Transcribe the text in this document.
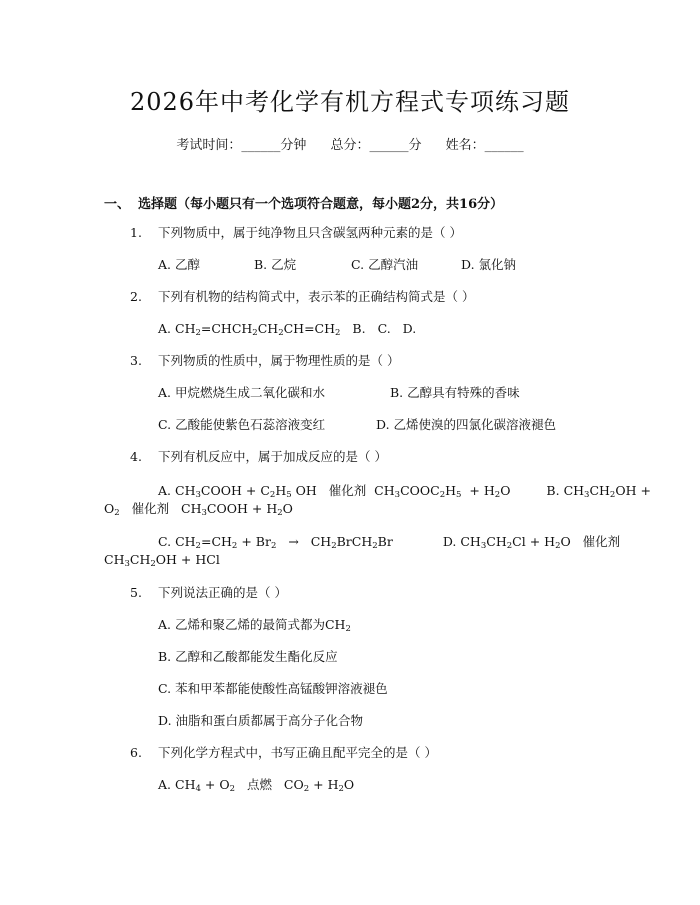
2026年中考化学有机方程式专项练习题
考试时间：______分钟 总分：______分 姓名：______
一、 选择题（每小题只有一个选项符合题意，每小题2分，共16分）
1. 下列物质中，属于纯净物且只含碳氢两种元素的是（ ）
A. 乙醇	B. 乙烷	C. 乙醇汽油	D. 氯化钠
2. 下列有机物的结构简式中，表示苯的正确结构简式是（ ）
A. $CH_2=CHCH_2CH_2CH=CH_2$ B. C. D.
3. 下列物质的性质中，属于物理性质的是（ ）
A. 甲烷燃烧生成二氧化碳和水	B. 乙醇具有特殊的香味
C. 乙酸能使紫色石蕊溶液变红	D. 乙烯使溴的四氯化碳溶液褪色
4. 下列有机反应中，属于加成反应的是（ ）
A. $CH_3COOH + C_2H_5$ OH 催化剂 $CH_3COOC_2H_5 + H_2O$	B. $CH_3CH_2OH$ +
$O_2$ 催化剂 $CH_3COOH + H_2O$
C. $CH_2=CH_2 + Br_2$ → $CH_2BrCH_2Br$	D. $CH_3CH_2Cl + H_2O$ 催化剂
$CH_3CH_2OH$ + HCl
5. 下列说法正确的是（ ）
A. 乙烯和聚乙烯的最简式都为$CH_2$
B. 乙醇和乙酸都能发生酯化反应
C. 苯和甲苯都能使酸性高锰酸钾溶液褪色
D. 油脂和蛋白质都属于高分子化合物
6. 下列化学方程式中，书写正确且配平完全的是（ ）
A. $CH_4 + O_2$ 点燃 $CO_2 + H_2O$
